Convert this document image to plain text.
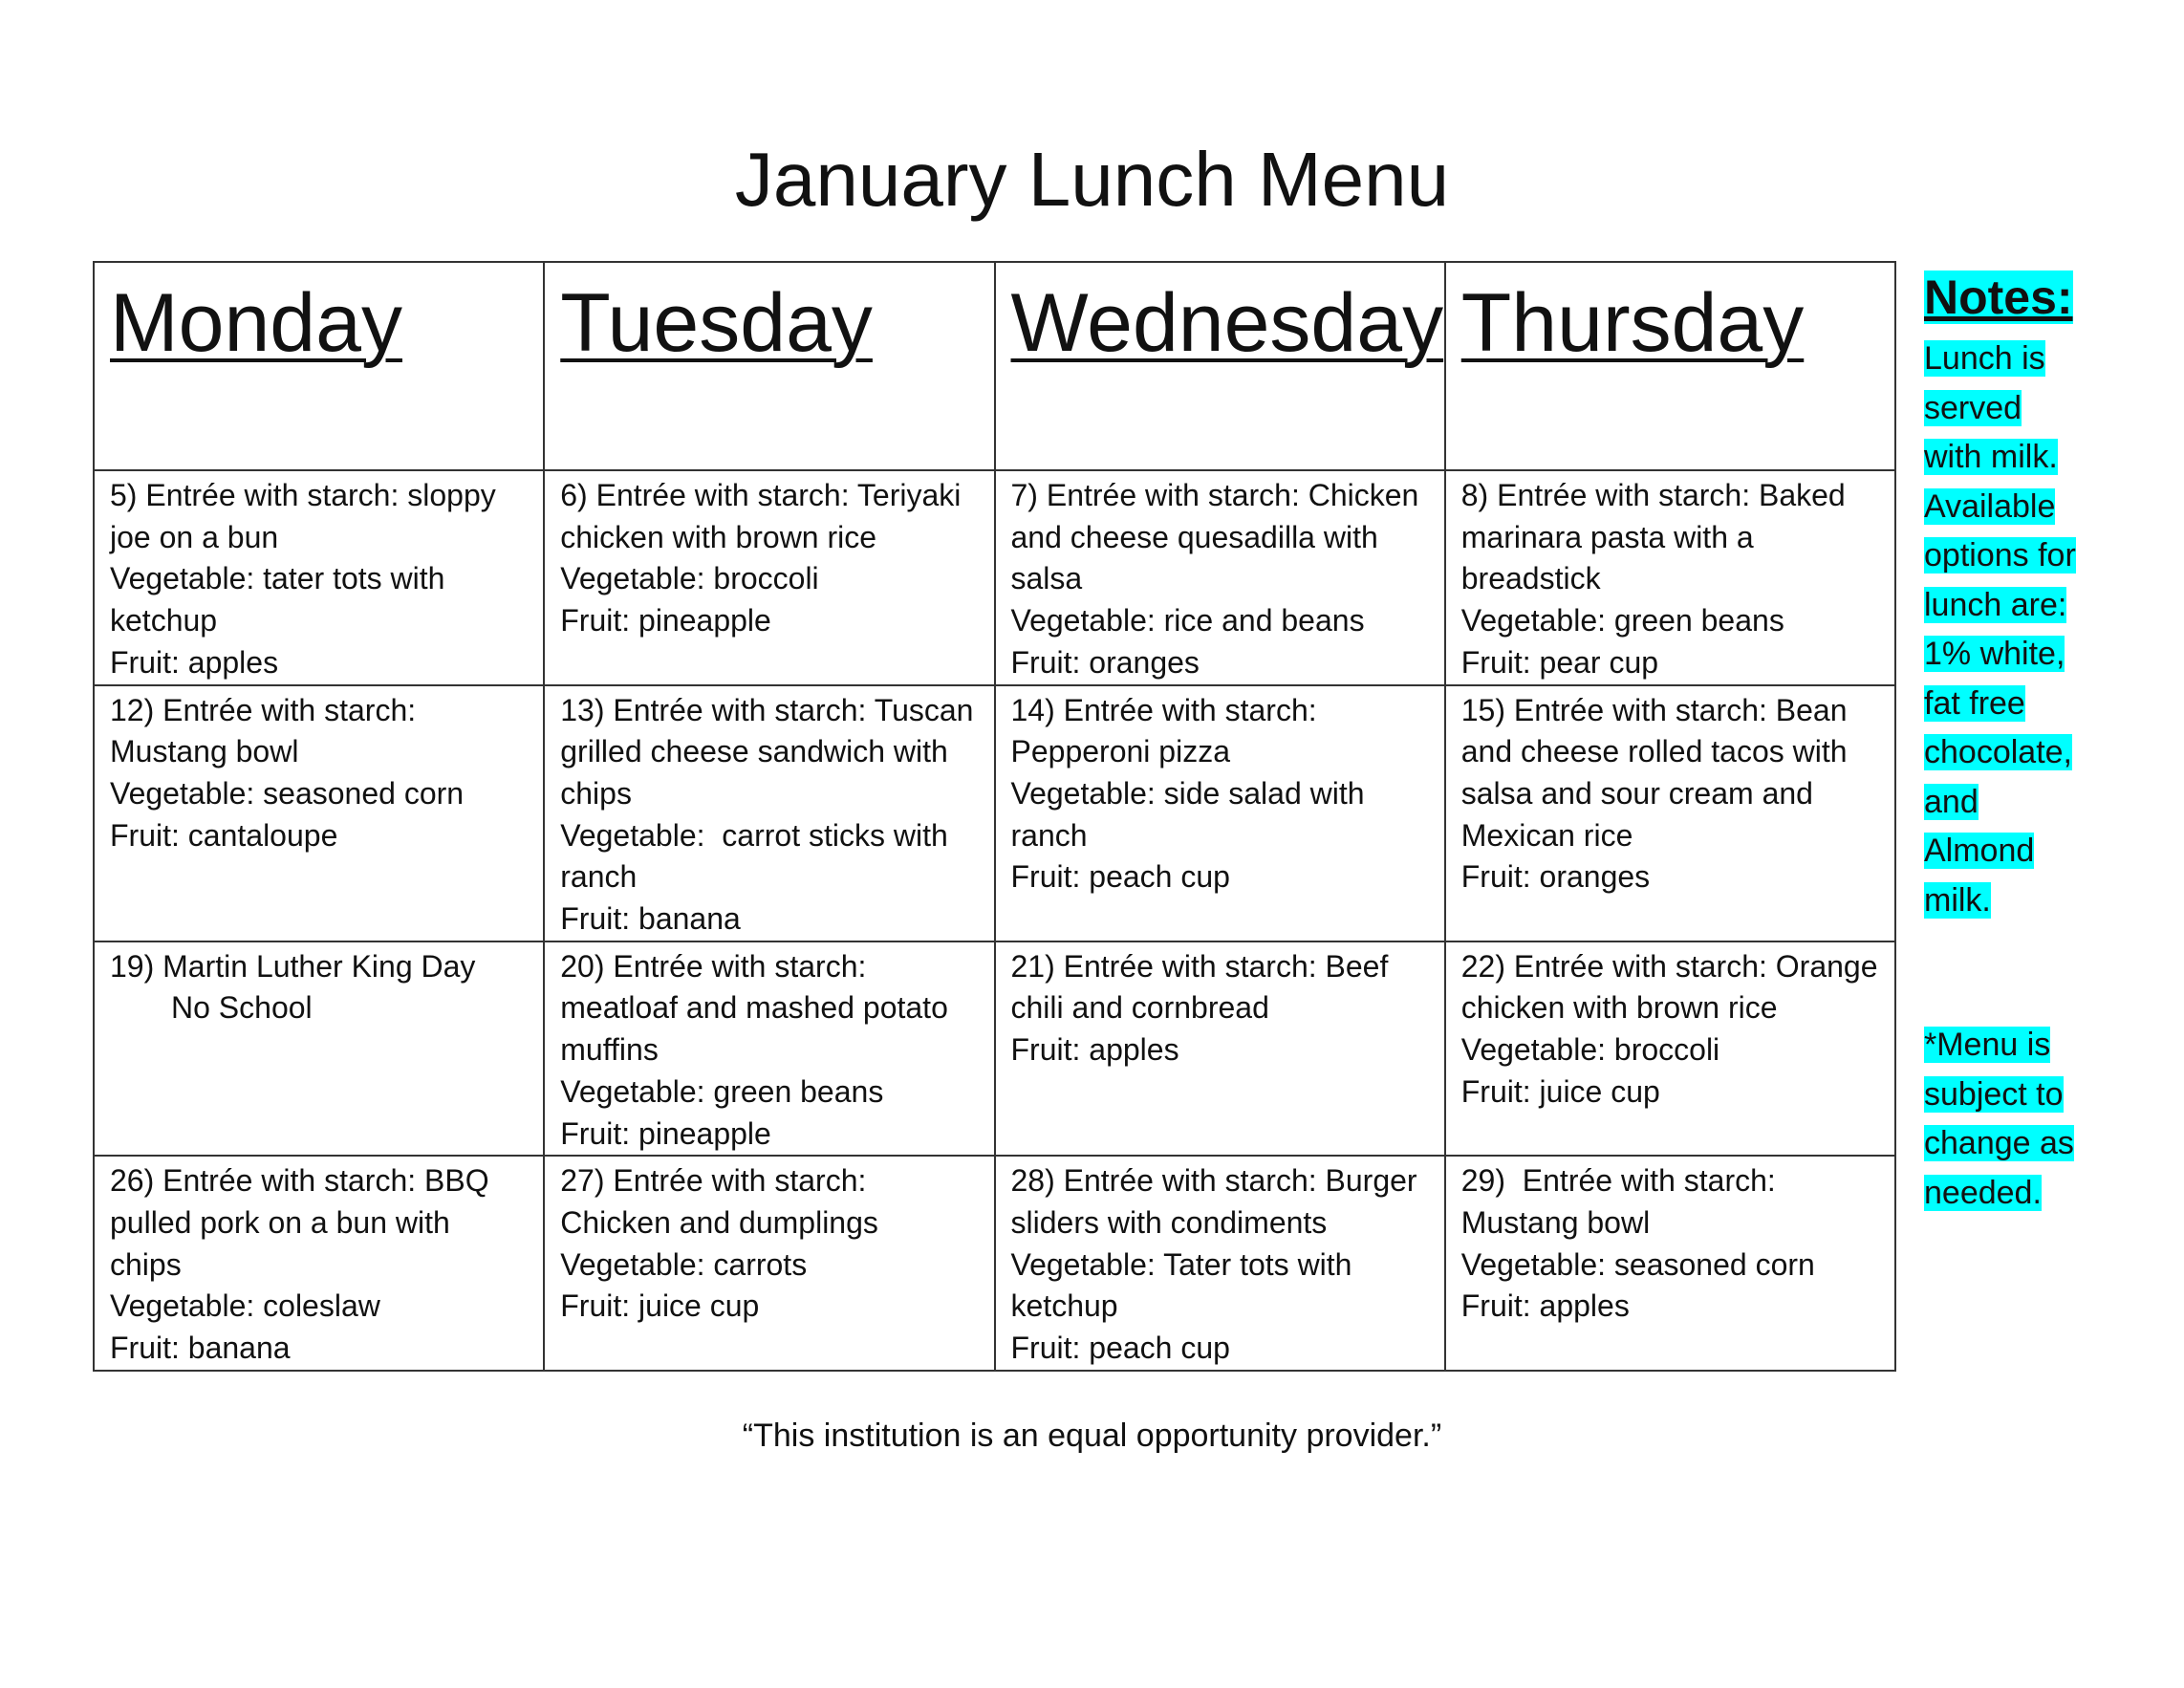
January Lunch Menu
Monday	Tuesday	Wednesday	Thursday

5) Entrée with starch: sloppy joe on a bun
Vegetable: tater tots with ketchup
Fruit: apples	6) Entrée with starch: Teriyaki chicken with brown rice
Vegetable: broccoli
Fruit: pineapple	7) Entrée with starch: Chicken and cheese quesadilla with salsa
Vegetable: rice and beans
Fruit: oranges	8) Entrée with starch: Baked marinara pasta with a breadstick
Vegetable: green beans
Fruit: pear cup

12) Entrée with starch: Mustang bowl
Vegetable: seasoned corn
Fruit: cantaloupe	13) Entrée with starch: Tuscan grilled cheese sandwich with chips
Vegetable:  carrot sticks with ranch
Fruit: banana	14) Entrée with starch: Pepperoni pizza
Vegetable: side salad with ranch
Fruit: peach cup	15) Entrée with starch: Bean and cheese rolled tacos with salsa and sour cream and Mexican rice
Fruit: oranges

19) Martin Luther King Day
No School	20) Entrée with starch: meatloaf and mashed potato muffins
Vegetable: green beans
Fruit: pineapple	21) Entrée with starch: Beef chili and cornbread
Fruit: apples	22) Entrée with starch: Orange chicken with brown rice
Vegetable: broccoli
Fruit: juice cup

26) Entrée with starch: BBQ pulled pork on a bun with chips
Vegetable: coleslaw
Fruit: banana	27) Entrée with starch: Chicken and dumplings
Vegetable: carrots
Fruit: juice cup	28) Entrée with starch: Burger sliders with condiments
Vegetable: Tater tots with ketchup
Fruit: peach cup	29)  Entrée with starch: Mustang bowl
Vegetable: seasoned corn
Fruit: apples
Notes:
Lunch is
served
with milk.
Available
options for
lunch are:
1% white,
fat free
chocolate,
and
Almond
milk.
*Menu is
subject to
change as
needed.
“This institution is an equal opportunity provider.”
